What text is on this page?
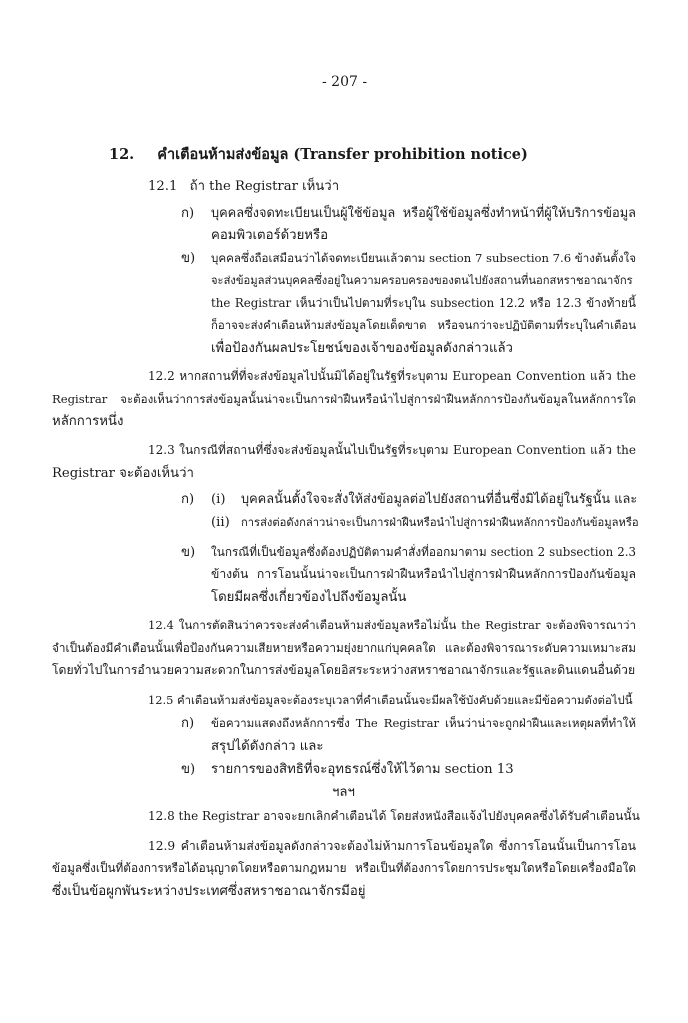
- 207 -
12. คำเตือนห้ามส่งข้อมูล (Transfer prohibition notice)
12.1 ถ้า the Registrar เห็นว่า
ก) บุคคลซึ่งจดทะเบียนเป็นผู้ใช้ข้อมูล หรือผู้ใช้ข้อมูลซึ่งทำหน้าที่ผู้ให้บริการข้อมูล
คอมพิวเตอร์ด้วยหรือ
ข) บุคคลซึ่งถือเสมือนว่าได้จดทะเบียนแล้วตาม section 7 subsection 7.6 ข้างต้นตั้งใจ
จะส่งข้อมูลส่วนบุคคลซึ่งอยู่ในความครอบครองของตนไปยังสถานที่นอกสหราชอาณาจักร
the Registrar เห็นว่าเป็นไปตามที่ระบุใน subsection 12.2 หรือ 12.3 ข้างท้ายนี้
ก็อาจจะส่งคำเตือนห้ามส่งข้อมูลโดยเด็ดขาด หรือจนกว่าจะปฏิบัติตามที่ระบุในคำเตือน
เพื่อป้องกันผลประโยชน์ของเจ้าของข้อมูลดังกล่าวแล้ว
12.2 หากสถานที่ที่จะส่งข้อมูลไปนั้นมิได้อยู่ในรัฐที่ระบุตาม European Convention แล้ว the
Registrar จะต้องเห็นว่าการส่งข้อมูลนั้นน่าจะเป็นการฝ่าฝืนหรือนำไปสู่การฝ่าฝืนหลักการป้องกันข้อมูลในหลักการใด
หลักการหนึ่ง
12.3 ในกรณีที่สถานที่ซึ่งจะส่งข้อมูลนั้นไปเป็นรัฐที่ระบุตาม European Convention แล้ว the
Registrar จะต้องเห็นว่า
ก) (i) บุคคลนั้นตั้งใจจะสั่งให้ส่งข้อมูลต่อไปยังสถานที่อื่นซึ่งมิได้อยู่ในรัฐนั้น และ
(ii) การส่งต่อดังกล่าวน่าจะเป็นการฝ่าฝืนหรือนำไปสู่การฝ่าฝืนหลักการป้องกันข้อมูลหรือ
ข) ในกรณีที่เป็นข้อมูลซึ่งต้องปฏิบัติตามคำสั่งที่ออกมาตาม section 2 subsection 2.3
ข้างต้น การโอนนั้นน่าจะเป็นการฝ่าฝืนหรือนำไปสู่การฝ่าฝืนหลักการป้องกันข้อมูล
โดยมีผลซึ่งเกี่ยวข้องไปถึงข้อมูลนั้น
12.4 ในการตัดสินว่าควรจะส่งคำเตือนห้ามส่งข้อมูลหรือไม่นั้น the Registrar จะต้องพิจารณาว่า
จำเป็นต้องมีคำเตือนนั้นเพื่อป้องกันความเสียหายหรือความยุ่งยากแก่บุคคลใด และต้องพิจารณาระดับความเหมาะสม
โดยทั่วไปในการอำนวยความสะดวกในการส่งข้อมูลโดยอิสระระหว่างสหราชอาณาจักรและรัฐและดินแดนอื่นด้วย
12.5 คำเตือนห้ามส่งข้อมูลจะต้องระบุเวลาที่คำเตือนนั้นจะมีผลใช้บังคับด้วยและมีข้อความดังต่อไปนี้
ก) ข้อความแสดงถึงหลักการซึ่ง The Registrar เห็นว่าน่าจะถูกฝ่าฝืนและเหตุผลที่ทำให้
สรุปได้ดังกล่าว และ
ข) รายการของสิทธิที่จะอุทธรณ์ซึ่งให้ไว้ตาม section 13
ฯลฯ
12.8 the Registrar อาจจะยกเลิกคำเตือนได้ โดยส่งหนังสือแจ้งไปยังบุคคลซึ่งได้รับคำเตือนนั้น
12.9 คำเตือนห้ามส่งข้อมูลดังกล่าวจะต้องไม่ห้ามการโอนข้อมูลใด ซึ่งการโอนนั้นเป็นการโอน
ข้อมูลซึ่งเป็นที่ต้องการหรือได้อนุญาตโดยหรือตามกฎหมาย หรือเป็นที่ต้องการโดยการประชุมใดหรือโดยเครื่องมือใด
ซึ่งเป็นข้อผูกพันระหว่างประเทศซึ่งสหราชอาณาจักรมีอยู่
